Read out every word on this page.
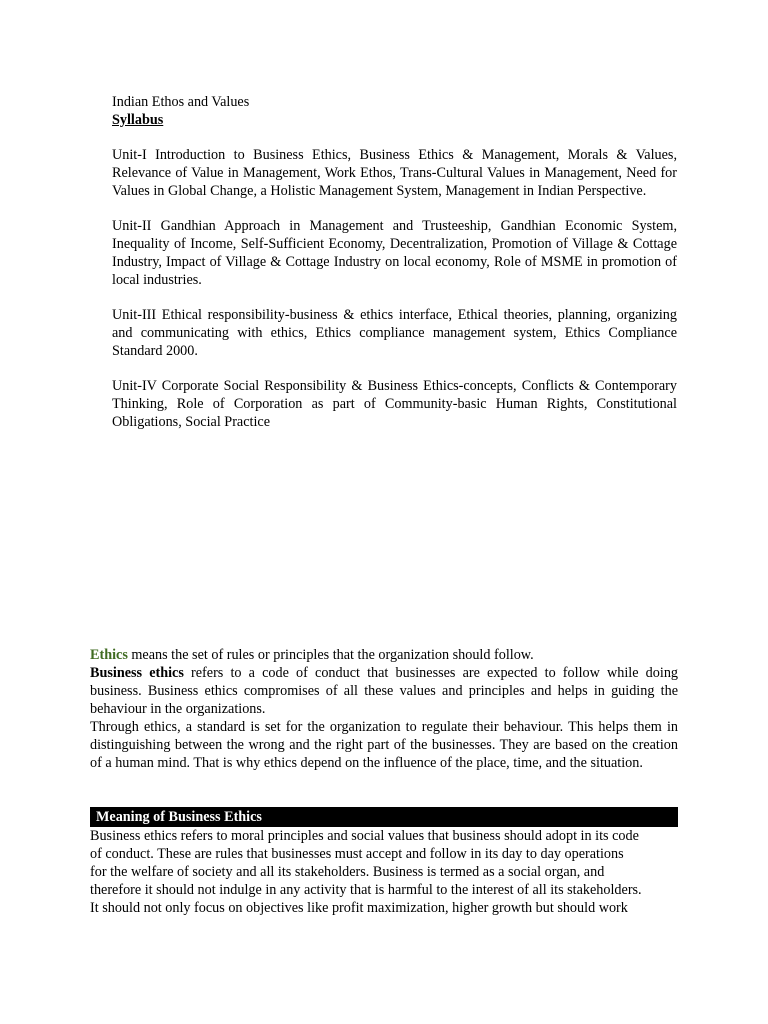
Indian Ethos and Values

Syllabus

Unit-I Introduction to Business Ethics, Business Ethics & Management, Morals & Values, Relevance of Value in Management, Work Ethos, Trans-Cultural Values in Management, Need for Values in Global Change, a Holistic Management System, Management in Indian Perspective.

Unit-II Gandhian Approach in Management and Trusteeship, Gandhian Economic System, Inequality of Income, Self-Sufficient Economy, Decentralization, Promotion of Village & Cottage Industry, Impact of Village & Cottage Industry on local economy, Role of MSME in promotion of local industries.

Unit-III Ethical responsibility-business & ethics interface, Ethical theories, planning, organizing and communicating with ethics, Ethics compliance management system, Ethics Compliance Standard 2000.

Unit-IV Corporate Social Responsibility & Business Ethics-concepts, Conflicts & Contemporary Thinking, Role of Corporation as part of Community-basic Human Rights, Constitutional Obligations, Social Practice

Ethics means the set of rules or principles that the organization should follow.

Business ethics refers to a code of conduct that businesses are expected to follow while doing business. Business ethics compromises of all these values and principles and helps in guiding the behaviour in the organizations.

Through ethics, a standard is set for the organization to regulate their behaviour. This helps them in distinguishing between the wrong and the right part of the businesses. They are based on the creation of a human mind. That is why ethics depend on the influence of the place, time, and the situation.

Meaning of Business Ethics
Business ethics refers to moral principles and social values that business should adopt in its code
of conduct. These are rules that businesses must accept and follow in its day to day operations
for the welfare of society and all its stakeholders. Business is termed as a social organ, and
therefore it should not indulge in any activity that is harmful to the interest of all its stakeholders.
It should not only focus on objectives like profit maximization, higher growth but should work
